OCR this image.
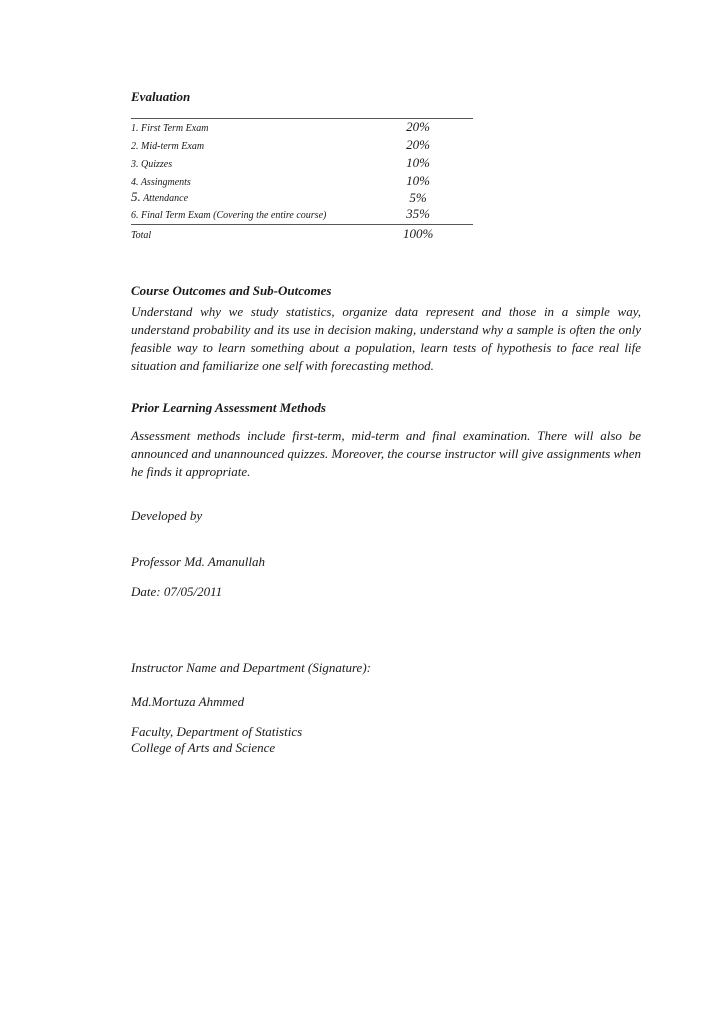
Evaluation
1. First Term Exam	20%
2. Mid-term Exam	20%
3. Quizzes	10%
4. Assingments	10%
5. Attendance	5%
6. Final Term Exam (Covering the entire course)	35%
Total	100%
Course Outcomes and Sub-Outcomes
Understand why we study statistics, organize data represent and those in a simple way, understand probability and its use in decision making, understand why a sample is often the only feasible way to learn something about a population, learn tests of hypothesis to face real life situation and familiarize one self with forecasting method.
Prior Learning Assessment Methods
Assessment methods include first-term, mid-term and final examination. There will also be announced and unannounced quizzes. Moreover, the course instructor will give assignments when he finds it appropriate.
Developed by
Professor Md. Amanullah
Date: 07/05/2011
Instructor Name and Department (Signature):
Md.Mortuza Ahmmed
Faculty, Department of Statistics
College of Arts and Science
